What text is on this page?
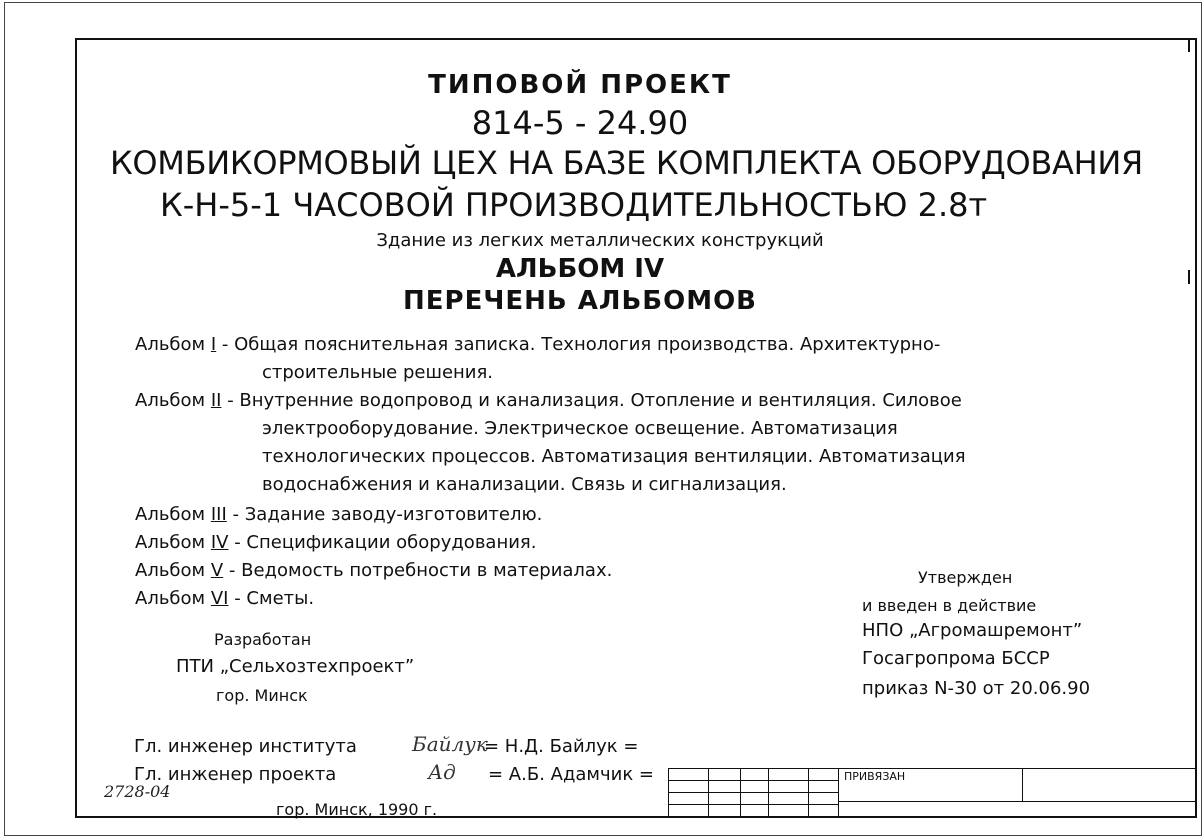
ТИПОВОЙ ПРОЕКТ
814-5 - 24.90
КОМБИКОРМОВЫЙ ЦЕХ НА БАЗЕ КОМПЛЕКТА ОБОРУДОВАНИЯ
К-Н-5-1 ЧАСОВОЙ ПРОИЗВОДИТЕЛЬНОСТЬЮ 2.8т
Здание из легких металлических конструкций
АЛЬБОМ IV
ПЕРЕЧЕНЬ АЛЬБОМОВ
Альбом I - Общая пояснительная записка. Технология производства. Архитектурно-
строительные решения.
Альбом II - Внутренние водопровод и канализация. Отопление и вентиляция. Силовое
электрооборудование. Электрическое освещение. Автоматизация
технологических процессов. Автоматизация вентиляции. Автоматизация
водоснабжения и канализации. Связь и сигнализация.
Альбом III - Задание заводу-изготовителю.
Альбом IV - Спецификации оборудования.
Альбом V - Ведомость потребности в материалах.
Альбом VI - Сметы.
Разработан
ПТИ „Сельхозтехпроект”
гор. Минск
Утвержден
и введен в действие
НПО „Агромашремонт”
Госагропрома БССР
приказ N-30 от 20.06.90
Гл. инженер института	Байлук
= Н.Д. Байлук =
Гл. инженер проекта	Ад = А.Б. Адамчик =
2728-04
гор. Минск, 1990 г.
ПРИВЯЗАН
